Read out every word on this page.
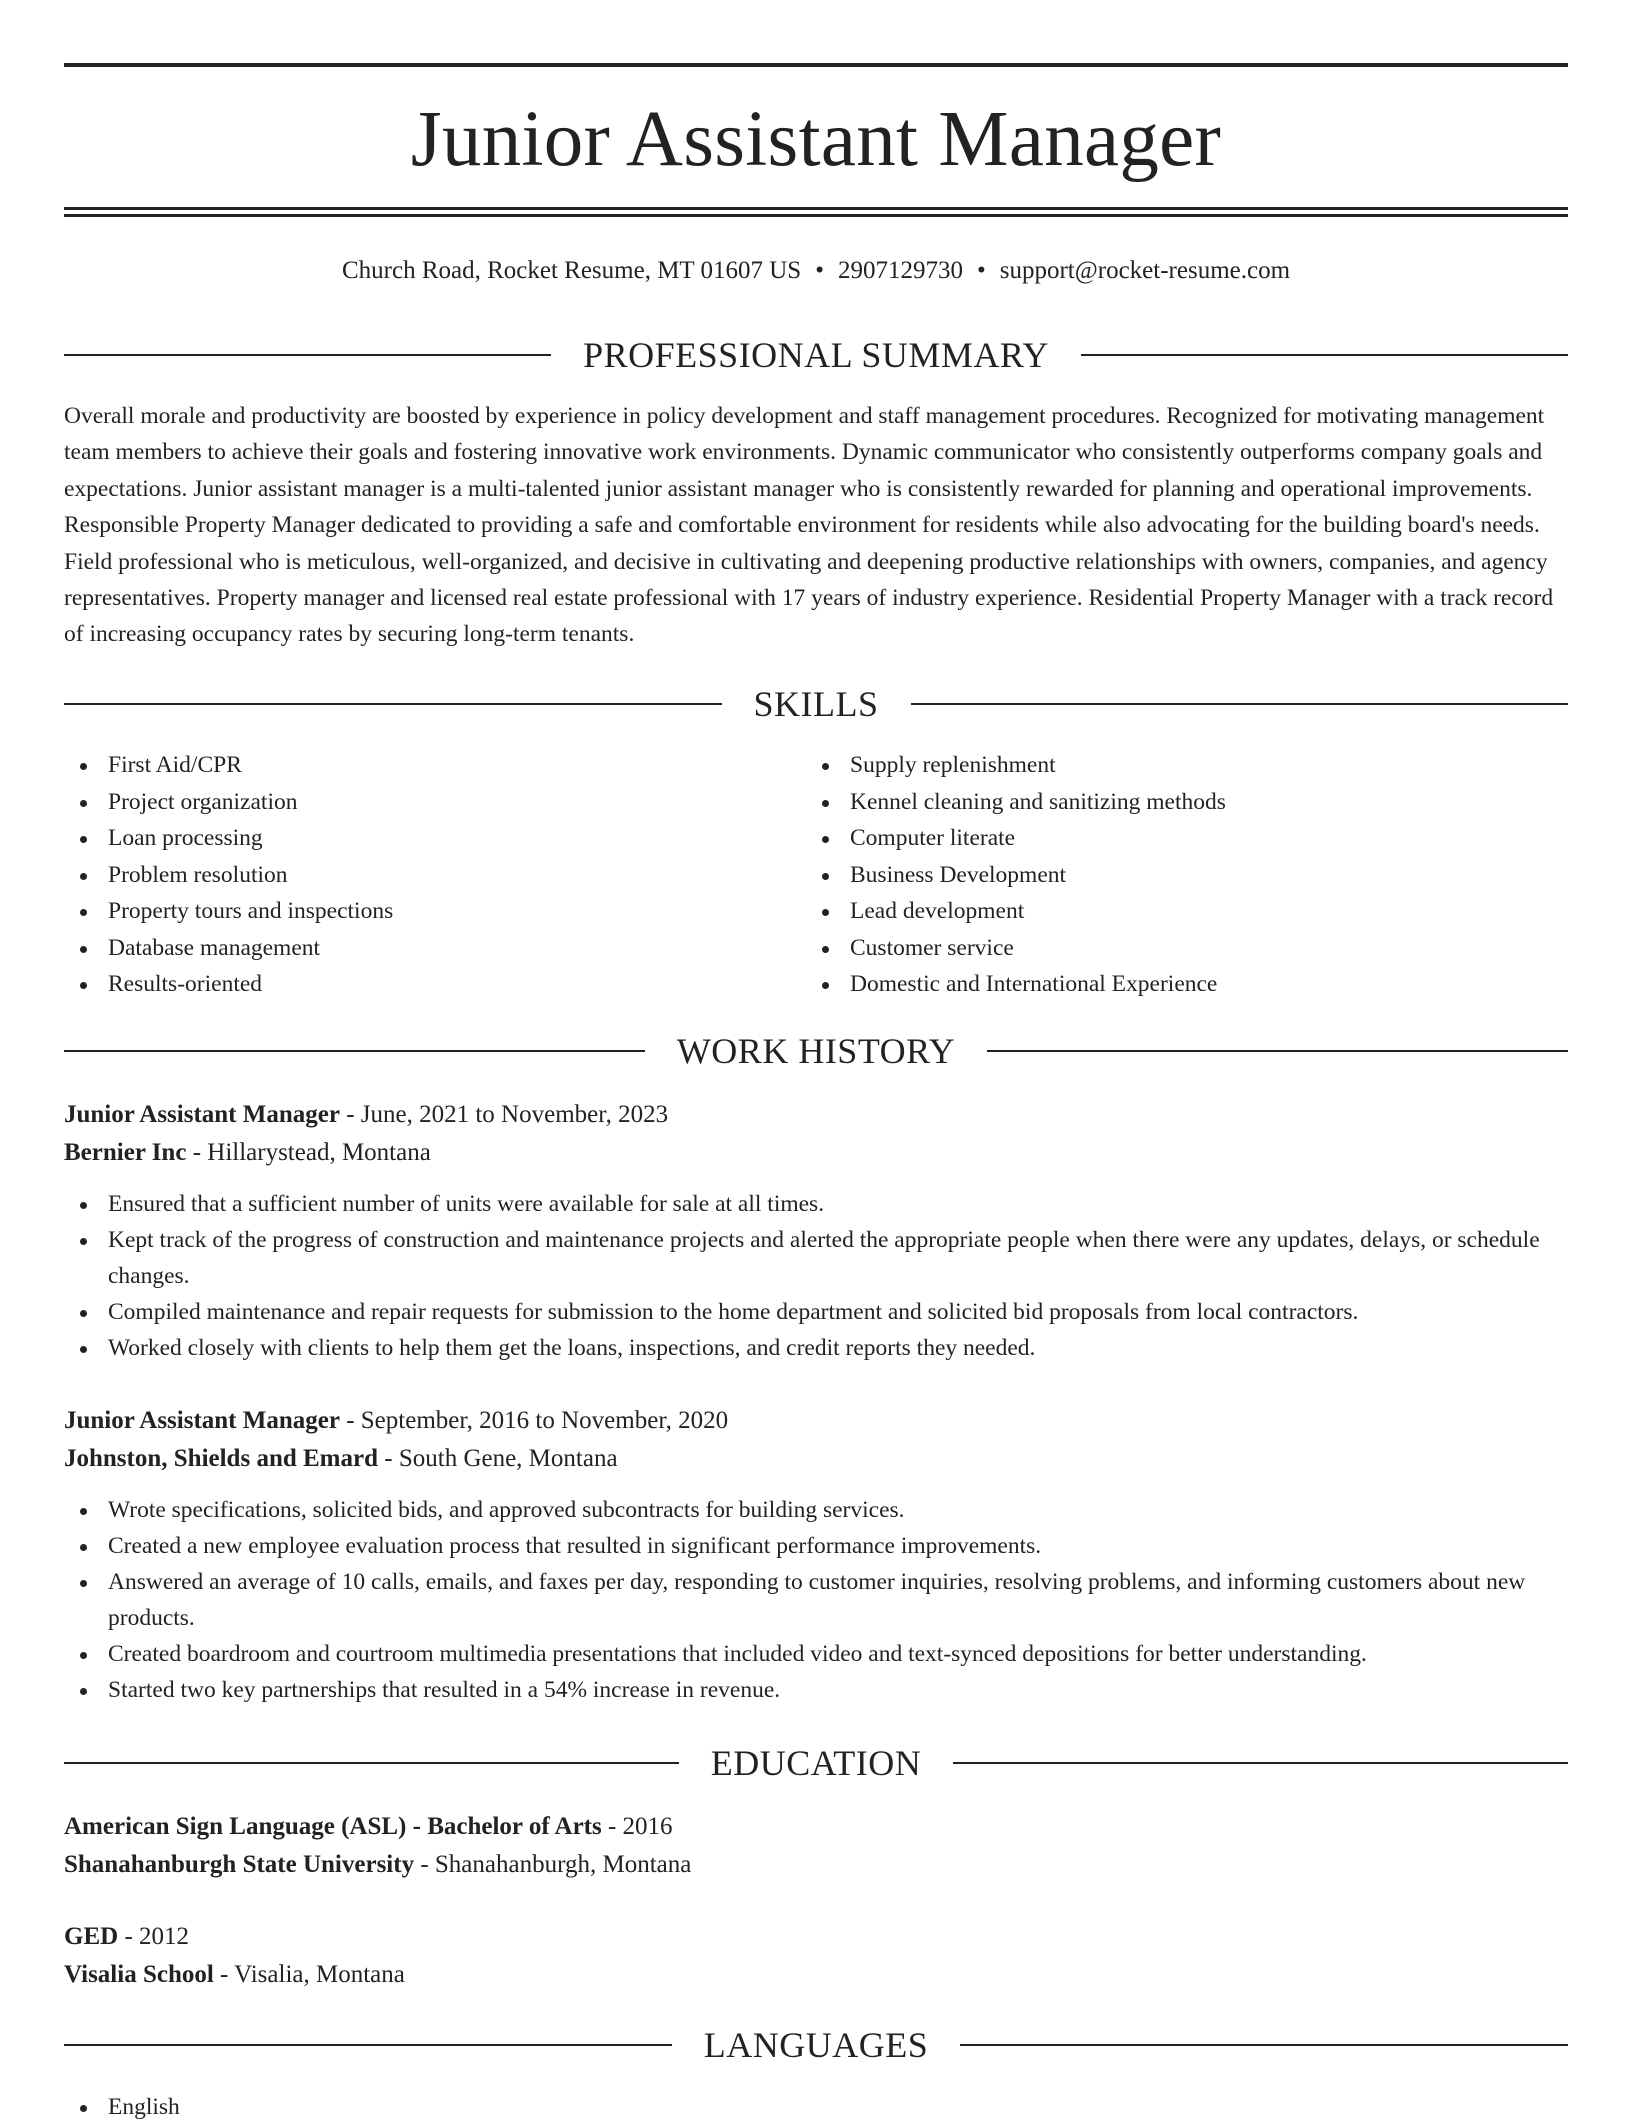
Junior Assistant Manager
Church Road, Rocket Resume, MT 01607 US • 2907129730 • support@rocket-resume.com
PROFESSIONAL SUMMARY

Overall morale and productivity are boosted by experience in policy development and staff management procedures. Recognized for motivating management team members to achieve their goals and fostering innovative work environments. Dynamic communicator who consistently outperforms company goals and expectations. Junior assistant manager is a multi-talented junior assistant manager who is consistently rewarded for planning and operational improvements. Responsible Property Manager dedicated to providing a safe and comfortable environment for residents while also advocating for the building board's needs. Field professional who is meticulous, well-organized, and decisive in cultivating and deepening productive relationships with owners, companies, and agency representatives. Property manager and licensed real estate professional with 17 years of industry experience. Residential Property Manager with a track record of increasing occupancy rates by securing long-term tenants.

SKILLS
First Aid/CPR
Project organization
Loan processing
Problem resolution
Property tours and inspections
Database management
Results-oriented
Supply replenishment
Kennel cleaning and sanitizing methods
Computer literate
Business Development
Lead development
Customer service
Domestic and International Experience
WORK HISTORY
Junior Assistant Manager - June, 2021 to November, 2023
Bernier Inc - Hillarystead, Montana
Ensured that a sufficient number of units were available for sale at all times.
Kept track of the progress of construction and maintenance projects and alerted the appropriate people when there were any updates, delays, or schedule changes.
Compiled maintenance and repair requests for submission to the home department and solicited bid proposals from local contractors.
Worked closely with clients to help them get the loans, inspections, and credit reports they needed.
Junior Assistant Manager - September, 2016 to November, 2020
Johnston, Shields and Emard - South Gene, Montana
Wrote specifications, solicited bids, and approved subcontracts for building services.
Created a new employee evaluation process that resulted in significant performance improvements.
Answered an average of 10 calls, emails, and faxes per day, responding to customer inquiries, resolving problems, and informing customers about new products.
Created boardroom and courtroom multimedia presentations that included video and text-synced depositions for better understanding.
Started two key partnerships that resulted in a 54% increase in revenue.
EDUCATION
American Sign Language (ASL) - Bachelor of Arts - 2016
Shanahanburgh State University - Shanahanburgh, Montana
GED - 2012
Visalia School - Visalia, Montana
LANGUAGES
English
